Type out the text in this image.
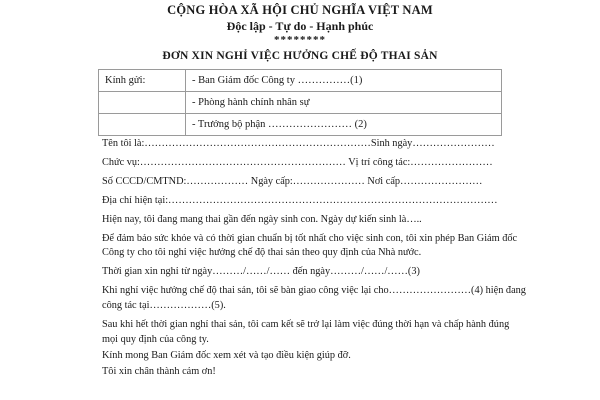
CỘNG HÒA XÃ HỘI CHỦ NGHĨA VIỆT NAM
Độc lập - Tự do - Hạnh phúc
********
ĐƠN XIN NGHỈ VIỆC HƯỞNG CHẾ ĐỘ THAI SẢN
Kính gửi:	- Ban Giám đốc Công ty ……………(1)
	- Phòng hành chính nhân sự
	- Trưởng bộ phận …………………… (2)
Tên tôi là:…………………………………………………………Sinh ngày……………………
Chức vụ:…………………………………………………… Vị trí công tác:……………………
Số CCCD/CMTND:……………… Ngày cấp:………………… Nơi cấp……………………
Địa chỉ hiện tại:……………………………………………………………………………………
Hiện nay, tôi đang mang thai gần đến ngày sinh con. Ngày dự kiến sinh là…..
Để đảm bảo sức khỏe và có thời gian chuẩn bị tốt nhất cho việc sinh con, tôi xin phép Ban Giám đốc
Công ty cho tôi nghỉ việc hưởng chế độ thai sản theo quy định của Nhà nước.
Thời gian xin nghỉ từ ngày………/……/…… đến ngày………/……/……(3)
Khi nghỉ việc hưởng chế độ thai sản, tôi sẽ bàn giao công việc lại cho……………………(4) hiện đang
công tác tại………………(5).
Sau khi hết thời gian nghỉ thai sản, tôi cam kết sẽ trở lại làm việc đúng thời hạn và chấp hành đúng
mọi quy định của công ty.
Kính mong Ban Giám đốc xem xét và tạo điều kiện giúp đỡ.
Tôi xin chân thành cảm ơn!
